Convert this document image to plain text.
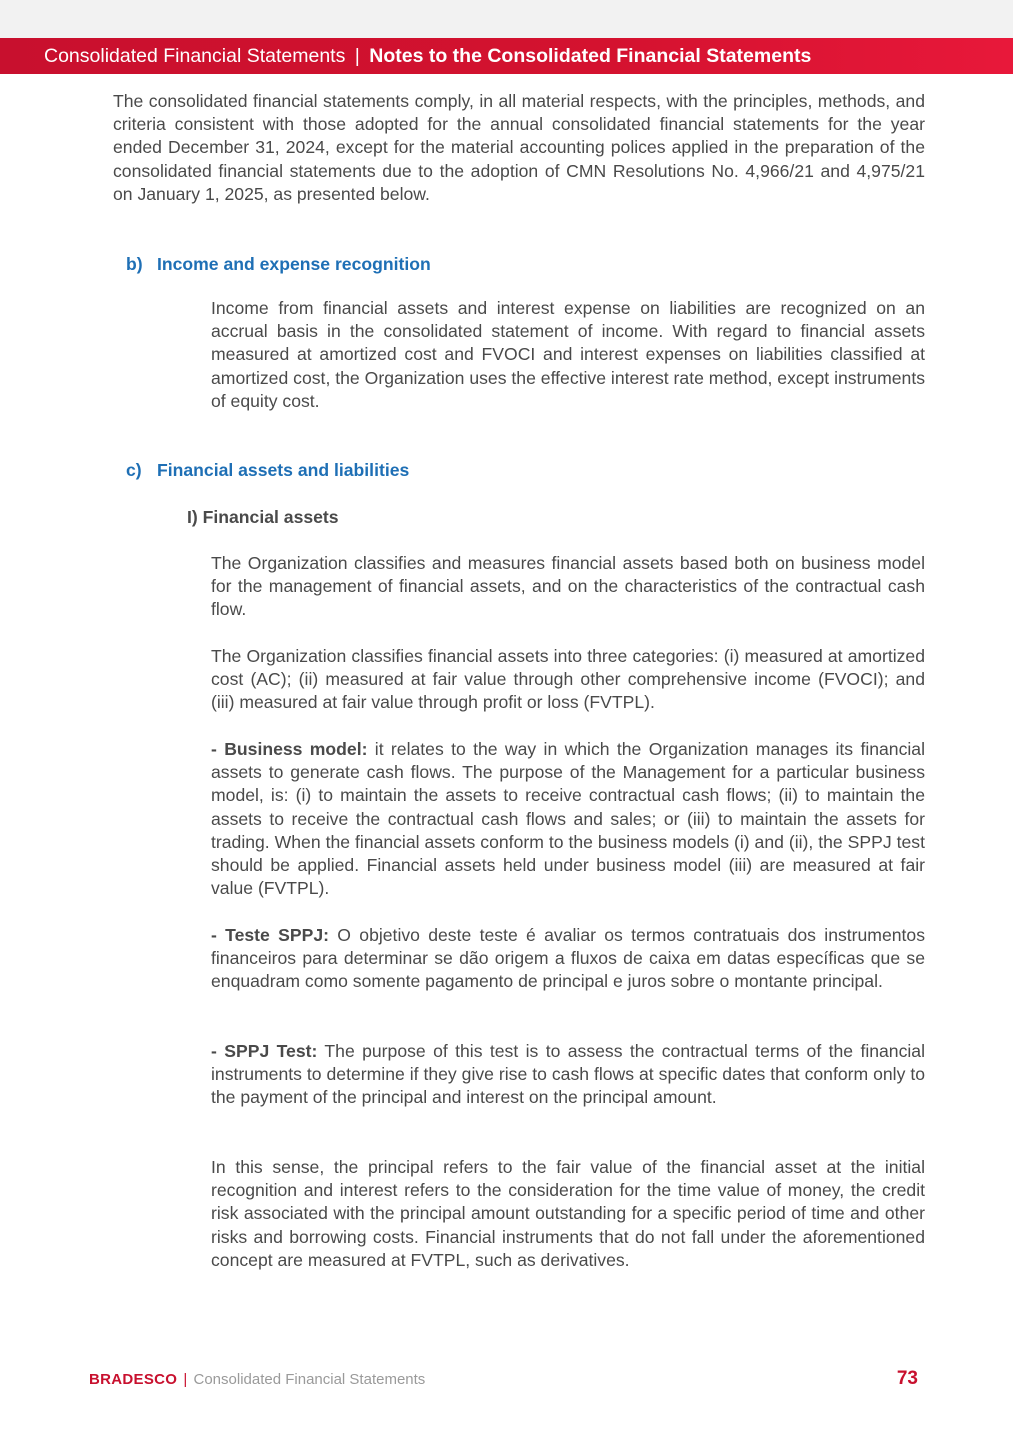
Consolidated Financial Statements | Notes to the Consolidated Financial Statements

The consolidated financial statements comply, in all material respects, with the principles, methods, and criteria consistent with those adopted for the annual consolidated financial statements for the year ended December 31, 2024, except for the material accounting polices applied in the preparation of the consolidated financial statements due to the adoption of CMN Resolutions No. 4,966/21 and 4,975/21 on January 1, 2025, as presented below.

b) Income and expense recognition

Income from financial assets and interest expense on liabilities are recognized on an accrual basis in the consolidated statement of income. With regard to financial assets measured at amortized cost and FVOCI and interest expenses on liabilities classified at amortized cost, the Organization uses the effective interest rate method, except instruments of equity cost.

c) Financial assets and liabilities
I) Financial assets

The Organization classifies and measures financial assets based both on business model for the management of financial assets, and on the characteristics of the contractual cash flow.

The Organization classifies financial assets into three categories: (i) measured at amortized cost (AC); (ii) measured at fair value through other comprehensive income (FVOCI); and (iii) measured at fair value through profit or loss (FVTPL).

- Business model: it relates to the way in which the Organization manages its financial assets to generate cash flows. The purpose of the Management for a particular business model, is: (i) to maintain the assets to receive contractual cash flows; (ii) to maintain the assets to receive the contractual cash flows and sales; or (iii) to maintain the assets for trading. When the financial assets conform to the business models (i) and (ii), the SPPJ test should be applied. Financial assets held under business model (iii) are measured at fair value (FVTPL).

- Teste SPPJ: O objetivo deste teste é avaliar os termos contratuais dos instrumentos financeiros para determinar se dão origem a fluxos de caixa em datas específicas que se enquadram como somente pagamento de principal e juros sobre o montante principal.

- SPPJ Test: The purpose of this test is to assess the contractual terms of the financial instruments to determine if they give rise to cash flows at specific dates that conform only to the payment of the principal and interest on the principal amount.

In this sense, the principal refers to the fair value of the financial asset at the initial recognition and interest refers to the consideration for the time value of money, the credit risk associated with the principal amount outstanding for a specific period of time and other risks and borrowing costs. Financial instruments that do not fall under the aforementioned concept are measured at FVTPL, such as derivatives.

BRADESCO | Consolidated Financial Statements	73
